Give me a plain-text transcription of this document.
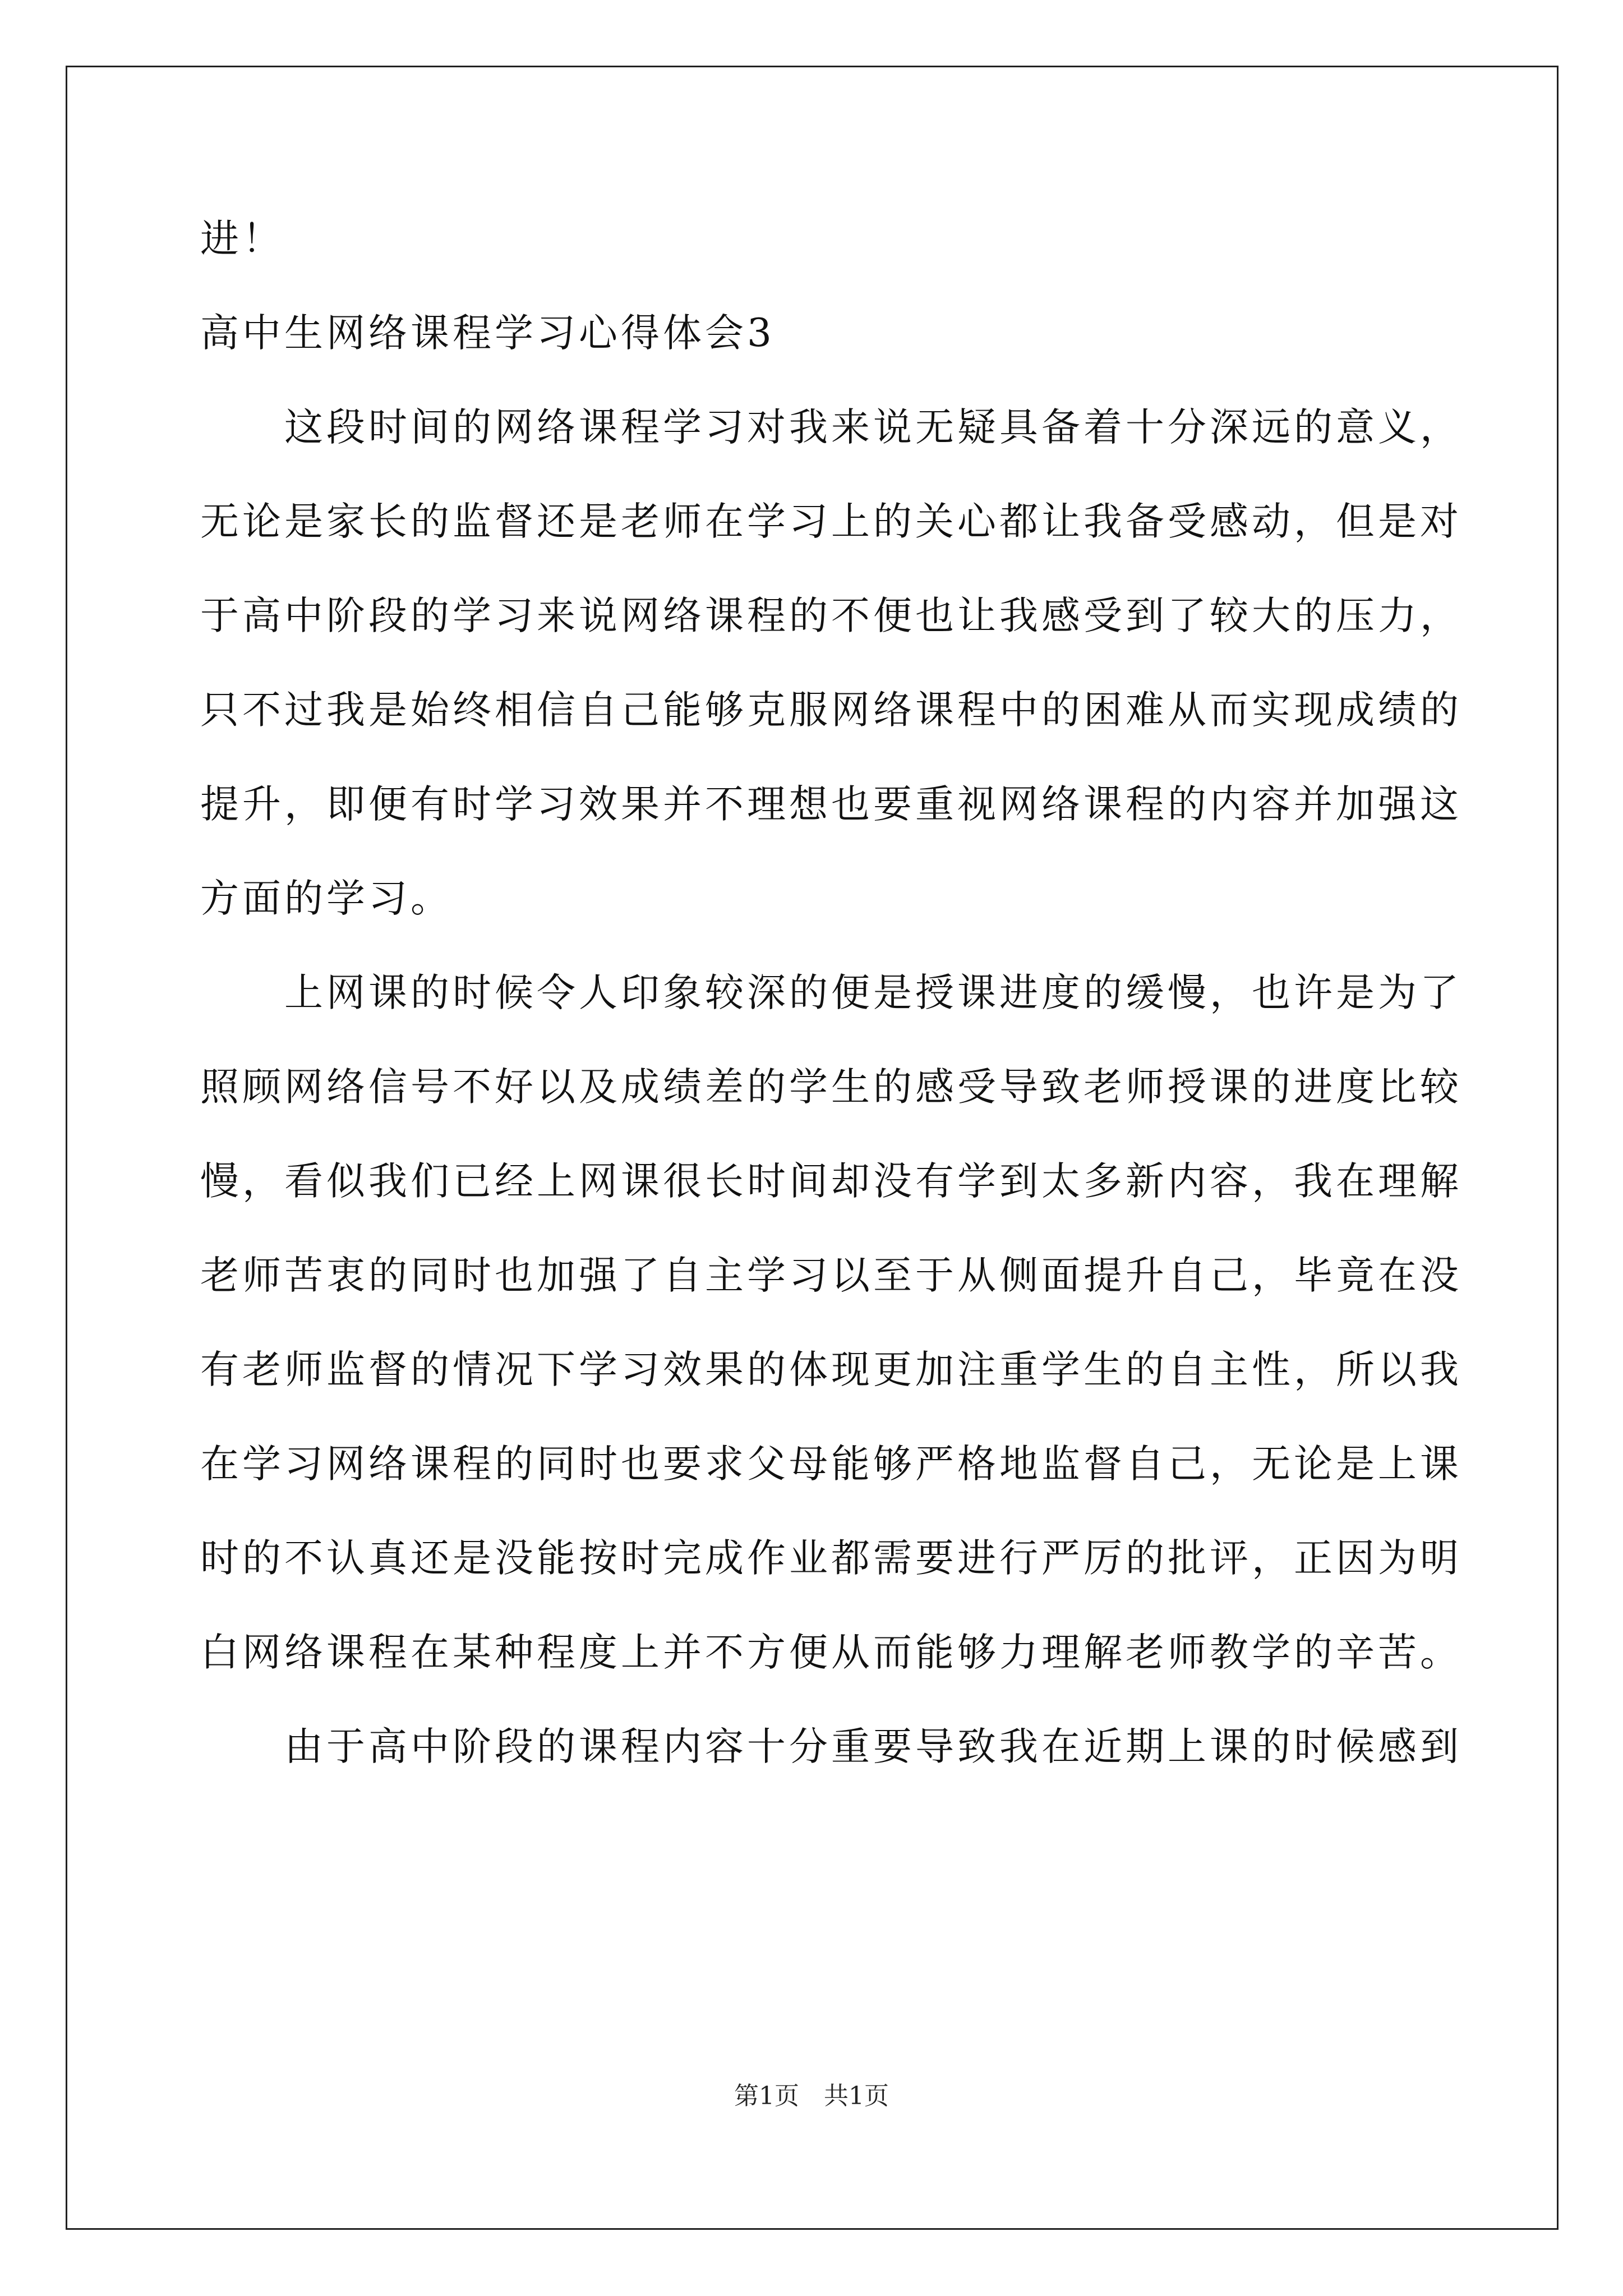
进！
高中生网络课程学习心得体会3
这段时间的网络课程学习对我来说无疑具备着十分深远的意义，
无论是家长的监督还是老师在学习上的关心都让我备受感动，但是对
于高中阶段的学习来说网络课程的不便也让我感受到了较大的压力，
只不过我是始终相信自己能够克服网络课程中的困难从而实现成绩的
提升，即便有时学习效果并不理想也要重视网络课程的内容并加强这
方面的学习。
上网课的时候令人印象较深的便是授课进度的缓慢，也许是为了
照顾网络信号不好以及成绩差的学生的感受导致老师授课的进度比较
慢，看似我们已经上网课很长时间却没有学到太多新内容，我在理解
老师苦衷的同时也加强了自主学习以至于从侧面提升自己，毕竟在没
有老师监督的情况下学习效果的体现更加注重学生的自主性，所以我
在学习网络课程的同时也要求父母能够严格地监督自己，无论是上课
时的不认真还是没能按时完成作业都需要进行严厉的批评，正因为明
白网络课程在某种程度上并不方便从而能够力理解老师教学的辛苦。
由于高中阶段的课程内容十分重要导致我在近期上课的时候感到
第1页　共1页
